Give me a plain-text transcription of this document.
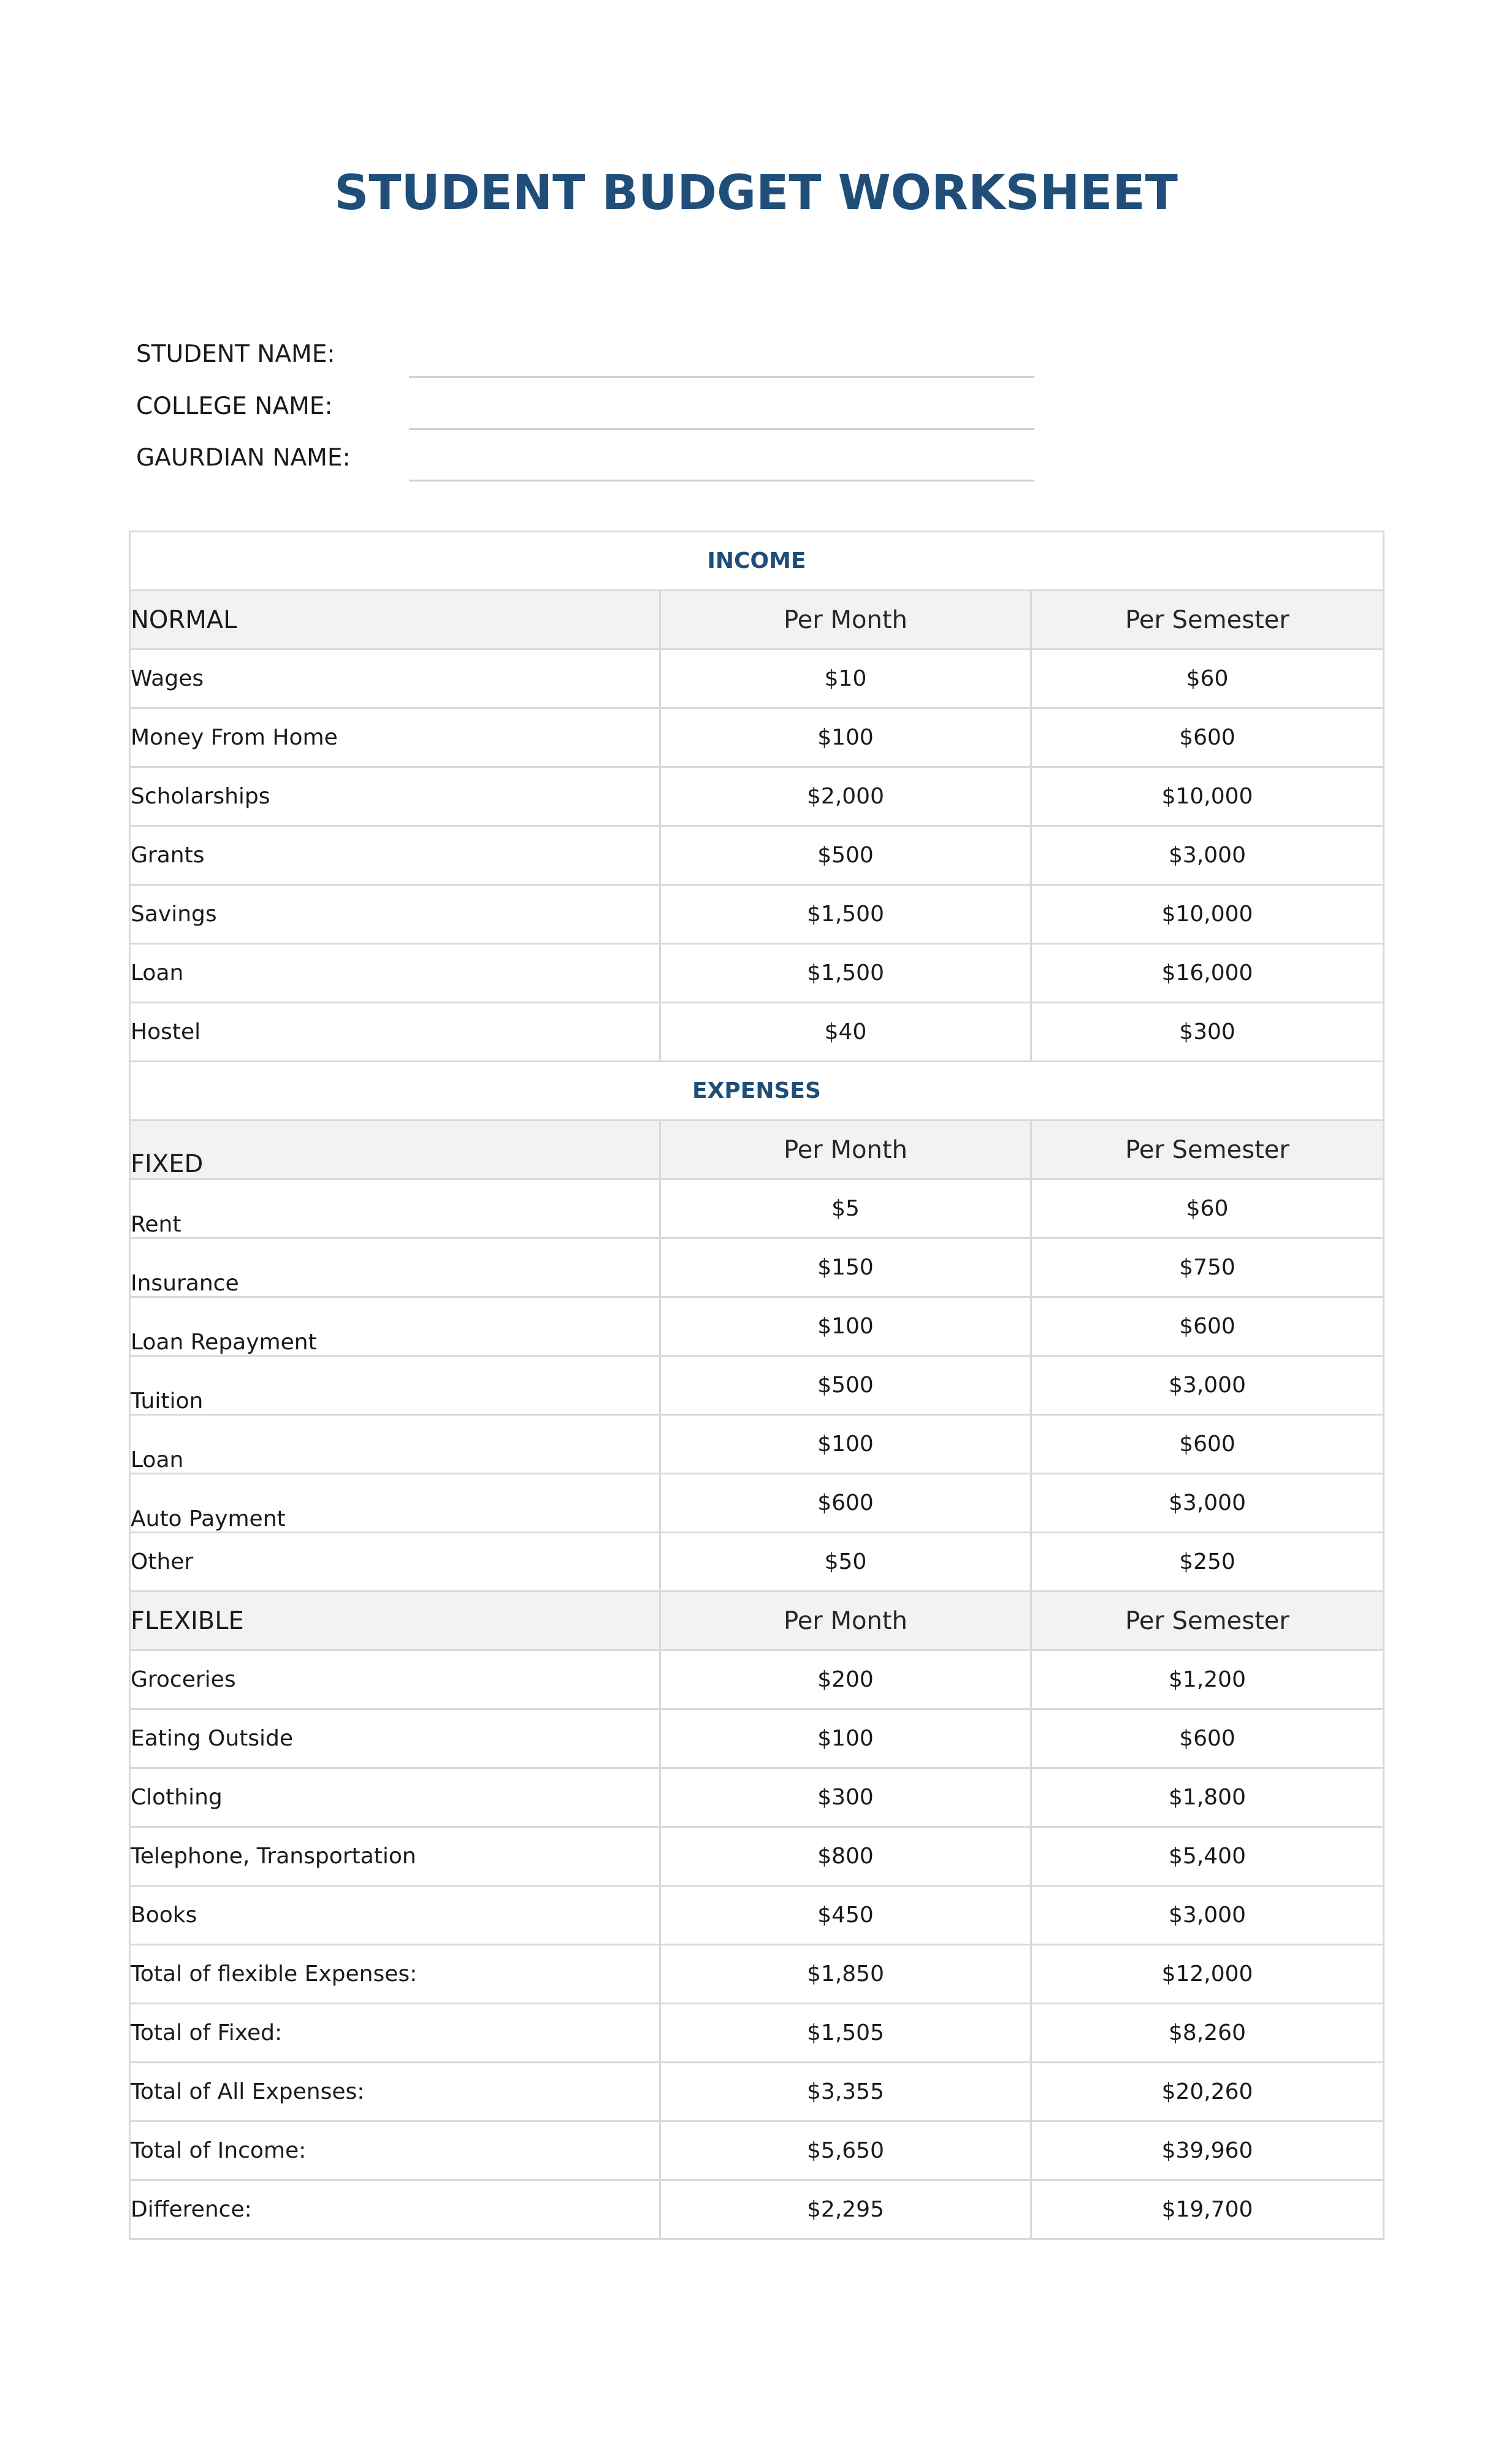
STUDENT BUDGET WORKSHEET
STUDENT NAME:
COLLEGE NAME:
GAURDIAN NAME:
INCOME		
NORMAL	Per Month	Per Semester
Wages	$10	$60
Money From Home	$100	$600
Scholarships	$2,000	$10,000
Grants	$500	$3,000
Savings	$1,500	$10,000
Loan	$1,500	$16,000
Hostel	$40	$300
EXPENSES		
FIXED	Per Month	Per Semester
Rent	$5	$60
Insurance	$150	$750
Loan Repayment	$100	$600
Tuition	$500	$3,000
Loan	$100	$600
Auto Payment	$600	$3,000
Other	$50	$250
FLEXIBLE	Per Month	Per Semester
Groceries	$200	$1,200
Eating Outside	$100	$600
Clothing	$300	$1,800
Telephone, Transportation	$800	$5,400
Books	$450	$3,000
Total of flexible Expenses:	$1,850	$12,000
Total of Fixed:	$1,505	$8,260
Total of All Expenses:	$3,355	$20,260
Total of Income:	$5,650	$39,960
Difference:	$2,295	$19,700
